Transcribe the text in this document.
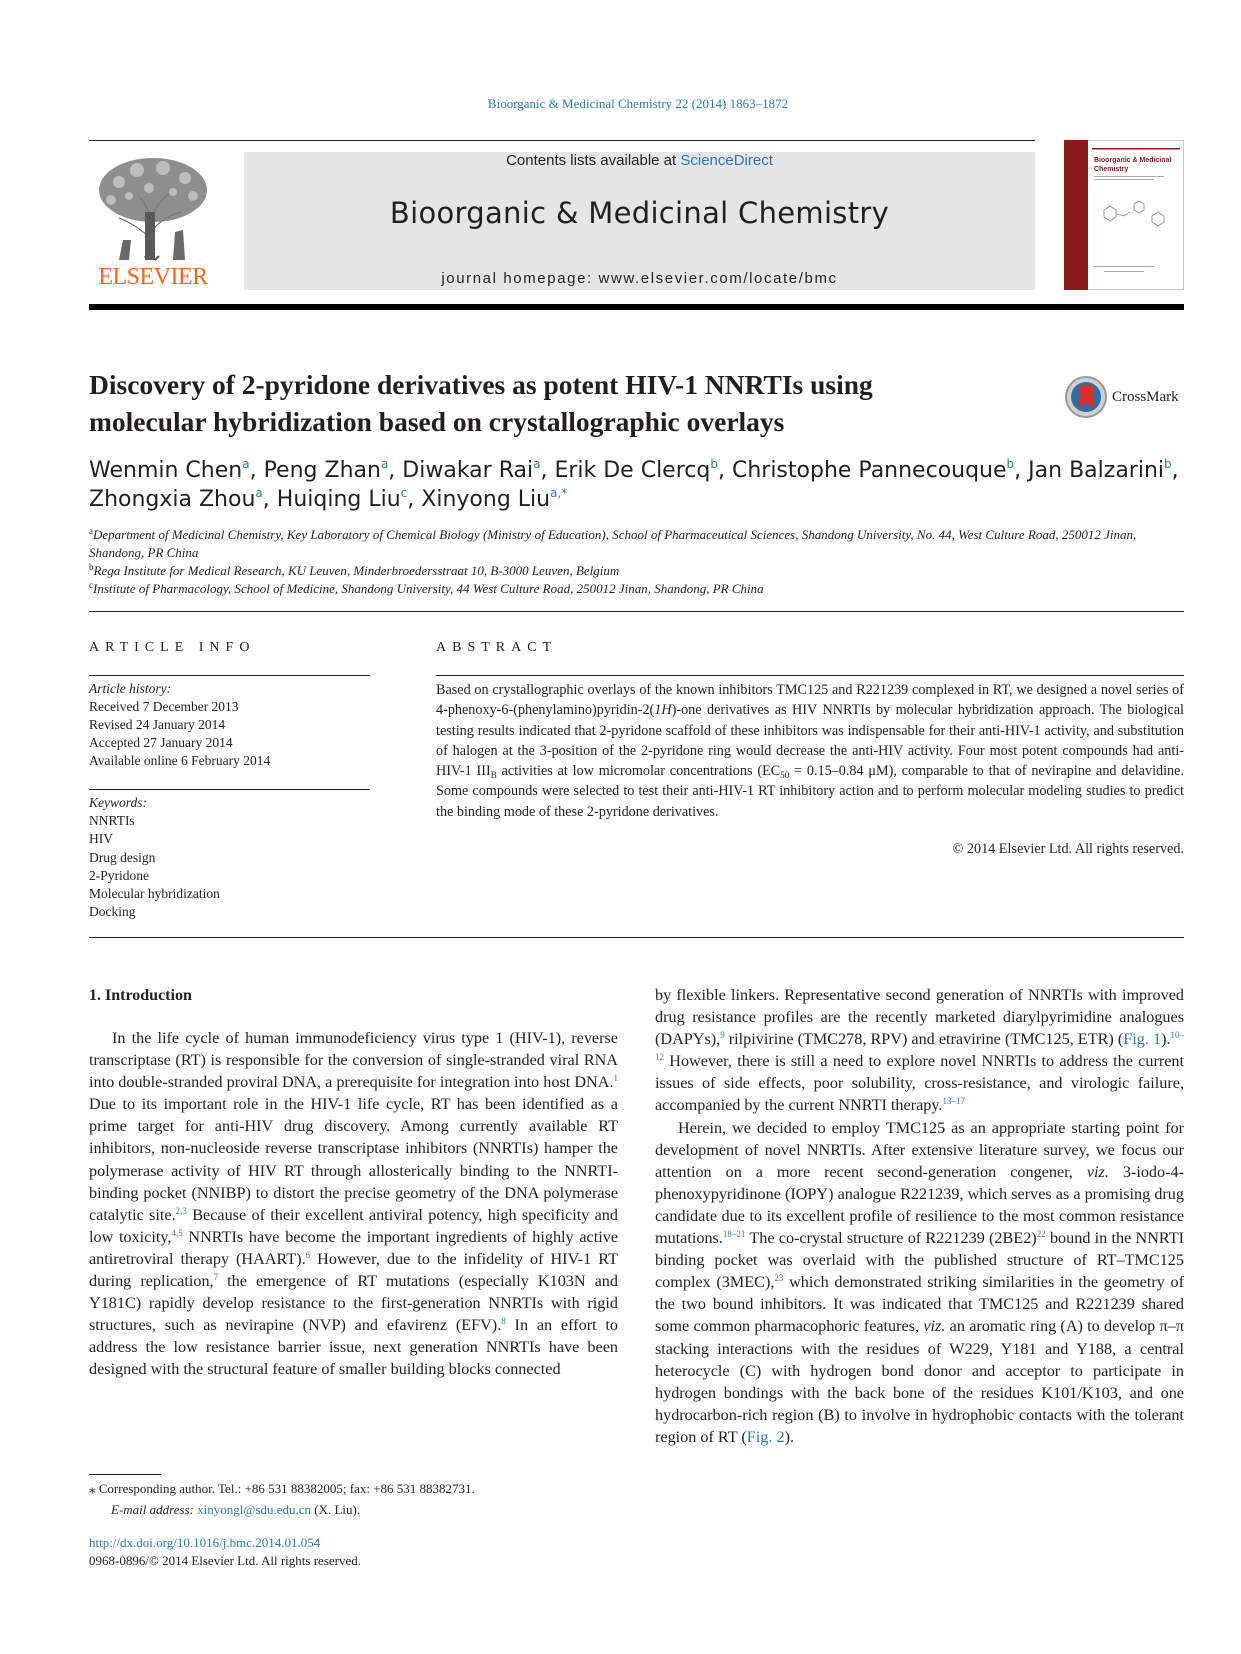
Bioorganic & Medicinal Chemistry 22 (2014) 1863–1872
ELSEVIER
Contents lists available at ScienceDirect
Bioorganic & Medicinal Chemistry
journal homepage: www.elsevier.com/locate/bmc
Bioorganic & Medicinal
Chemistry
Discovery of 2-pyridone derivatives as potent HIV-1 NNRTIs using
molecular hybridization based on crystallographic overlays
CrossMark
Wenmin Chen$^a$, Peng Zhan$^a$, Diwakar Rai$^a$, Erik De Clercq$^b$, Christophe Pannecouque$^b$, Jan Balzarini$^b$,
Zhongxia Zhou$^a$, Huiqing Liu$^c$, Xinyong Liu$^{a,*}$
$^a$Department of Medicinal Chemistry, Key Laboratory of Chemical Biology (Ministry of Education), School of Pharmaceutical Sciences, Shandong University, No. 44, West Culture Road, 250012 Jinan, Shandong, PR China
$^b$Rega Institute for Medical Research, KU Leuven, Minderbroedersstraat 10, B-3000 Leuven, Belgium
$^c$Institute of Pharmacology, School of Medicine, Shandong University, 44 West Culture Road, 250012 Jinan, Shandong, PR China
ARTICLE INFO
Article history:
Received 7 December 2013
Revised 24 January 2014
Accepted 27 January 2014
Available online 6 February 2014
Keywords:
NNRTIs
HIV
Drug design
2-Pyridone
Molecular hybridization
Docking
ABSTRACT

Based on crystallographic overlays of the known inhibitors TMC125 and R221239 complexed in RT, we designed a novel series of 4-phenoxy-6-(phenylamino)pyridin-2(1H)-one derivatives as HIV NNRTIs by molecular hybridization approach. The biological testing results indicated that 2-pyridone scaffold of these inhibitors was indispensable for their anti-HIV-1 activity, and substitution of halogen at the 3-position of the 2-pyridone ring would decrease the anti-HIV activity. Four most potent compounds had anti-HIV-1 $III_B$ activities at low micromolar concentrations ($EC_{50} = 0.15-0.84$ μM), comparable to that of nevirapine and delavidine. Some compounds were selected to test their anti-HIV-1 RT inhibitory action and to perform molecular modeling studies to predict the binding mode of these 2-pyridone derivatives.

© 2014 Elsevier Ltd. All rights reserved.
1. Introduction

In the life cycle of human immunodeficiency virus type 1 (HIV-1), reverse transcriptase (RT) is responsible for the conversion of single-stranded viral RNA into double-stranded proviral DNA, a prerequisite for integration into host DNA.$^1$ Due to its important role in the HIV-1 life cycle, RT has been identified as a prime target for anti-HIV drug discovery. Among currently available RT inhibitors, non-nucleoside reverse transcriptase inhibitors (NNRTIs) hamper the polymerase activity of HIV RT through allosterically binding to the NNRTI-binding pocket (NNIBP) to distort the precise geometry of the DNA polymerase catalytic site.$^{2,3}$ Because of their excellent antiviral potency, high specificity and low toxicity,$^{4,5}$ NNRTIs have become the important ingredients of highly active antiretroviral therapy (HAART).$^6$ However, due to the infidelity of HIV-1 RT during replication,$^7$ the emergence of RT mutations (especially K103N and Y181C) rapidly develop resistance to the first-generation NNRTIs with rigid structures, such as nevirapine (NVP) and efavirenz (EFV).$^8$ In an effort to address the low resistance barrier issue, next generation NNRTIs have been designed with the structural feature of smaller building blocks connected

by flexible linkers. Representative second generation of NNRTIs with improved drug resistance profiles are the recently marketed diarylpyrimidine analogues (DAPYs),$^9$ rilpivirine (TMC278, RPV) and etravirine (TMC125, ETR) (Fig. 1).$^{10-12}$ However, there is still a need to explore novel NNRTIs to address the current issues of side effects, poor solubility, cross-resistance, and virologic failure, accompanied by the current NNRTI therapy.$^{13-17}$

Herein, we decided to employ TMC125 as an appropriate starting point for development of novel NNRTIs. After extensive literature survey, we focus our attention on a more recent second-generation congener, viz. 3-iodo-4-phenoxypyridinone (IOPY) analogue R221239, which serves as a promising drug candidate due to its excellent profile of resilience to the most common resistance mutations.$^{18-21}$ The co-crystal structure of R221239 $(2BE2)^{22}$ bound in the NNRTI binding pocket was overlaid with the published structure of RT–TMC125 complex (3MEC),$^{23}$ which demonstrated striking similarities in the geometry of the two bound inhibitors. It was indicated that TMC125 and R221239 shared some common pharmacophoric features, viz. an aromatic ring (A) to develop π–π stacking interactions with the residues of W229, Y181 and Y188, a central heterocycle (C) with hydrogen bond donor and acceptor to participate in hydrogen bondings with the back bone of the residues K101/K103, and one hydrocarbon-rich region (B) to involve in hydrophobic contacts with the tolerant region of RT (Fig. 2).

⁎ Corresponding author. Tel.: +86 531 88382005; fax: +86 531 88382731.
E-mail address: xinyongl@sdu.edu.cn (X. Liu).
http://dx.doi.org/10.1016/j.bmc.2014.01.054
0968-0896/© 2014 Elsevier Ltd. All rights reserved.
